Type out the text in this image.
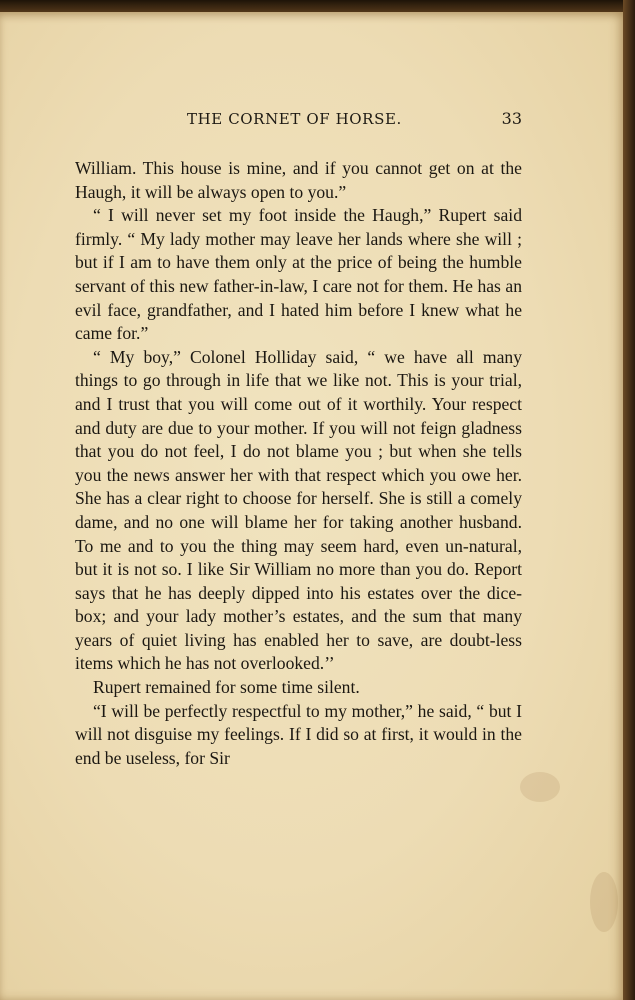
THE CORNET OF HORSE.	33

William. This house is mine, and if you cannot get on at the Haugh, it will be always open to you.”

“ I will never set my foot inside the Haugh,” Rupert said firmly. “ My lady mother may leave her lands where she will ; but if I am to have them only at the price of being the humble servant of this new father-in-law, I care not for them. He has an evil face, grandfather, and I hated him before I knew what he came for.”

“ My boy,” Colonel Holliday said, “ we have all many things to go through in life that we like not. This is your trial, and I trust that you will come out of it worthily. Your respect and duty are due to your mother. If you will not feign gladness that you do not feel, I do not blame you ; but when she tells you the news answer her with that respect which you owe her. She has a clear right to choose for herself. She is still a comely dame, and no one will blame her for taking another husband. To me and to you the thing may seem hard, even un-natural, but it is not so. I like Sir William no more than you do. Report says that he has deeply dipped into his estates over the dice-box; and your lady mother’s estates, and the sum that many years of quiet living has enabled her to save, are doubt-less items which he has not overlooked.’’

Rupert remained for some time silent.

“I will be perfectly respectful to my mother,” he said, “ but I will not disguise my feelings. If I did so at first, it would in the end be useless, for Sir
